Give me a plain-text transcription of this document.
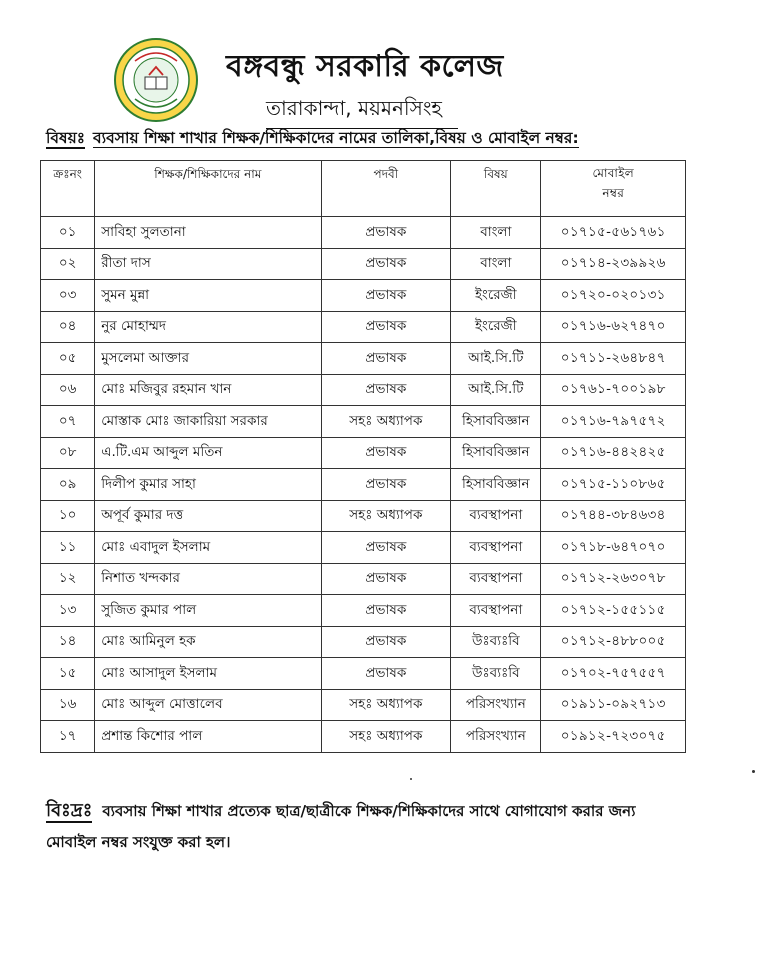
বঙ্গবন্ধু সরকারি কলেজ
তারাকান্দা, ময়মনসিংহ
বিষয়ঃ ব্যবসায় শিক্ষা শাখার শিক্ষক/শিক্ষিকাদের নামের তালিকা,বিষয় ও মোবাইল নম্বর:
ক্রঃনং	শিক্ষক/শিক্ষিকাদের নাম	পদবী	বিষয়	মোবাইল
নম্বর
০১	সাবিহা সুলতানা	প্রভাষক	বাংলা	০১৭১৫-৫৬১৭৬১
০২	রীতা দাস	প্রভাষক	বাংলা	০১৭১৪-২৩৯৯২৬
০৩	সুমন মুন্না	প্রভাষক	ইংরেজী	০১৭২০-০২০১৩১
০৪	নুর মোহাম্মদ	প্রভাষক	ইংরেজী	০১৭১৬-৬২৭৪৭০
০৫	মুসলেমা আক্তার	প্রভাষক	আই.সি.টি	০১৭১১-২৬৪৮৪৭
০৬	মোঃ মজিবুর রহমান খান	প্রভাষক	আই.সি.টি	০১৭৬১-৭০০১৯৮
০৭	মোস্তাক মোঃ জাকারিয়া সরকার	সহঃ অধ্যাপক	হিসাববিজ্ঞান	০১৭১৬-৭৯৭৫৭২
০৮	এ.টি.এম আব্দুল মতিন	প্রভাষক	হিসাববিজ্ঞান	০১৭১৬-৪৪২৪২৫
০৯	দিলীপ কুমার সাহা	প্রভাষক	হিসাববিজ্ঞান	০১৭১৫-১১০৮৬৫
১০	অপূর্ব কুমার দত্ত	সহঃ অধ্যাপক	ব্যবস্থাপনা	০১৭৪৪-৩৮৪৬৩৪
১১	মোঃ এবাদুল ইসলাম	প্রভাষক	ব্যবস্থাপনা	০১৭১৮-৬৪৭০৭০
১২	নিশাত খন্দকার	প্রভাষক	ব্যবস্থাপনা	০১৭১২-২৬৩০৭৮
১৩	সুজিত কুমার পাল	প্রভাষক	ব্যবস্থাপনা	০১৭১২-১৫৫১১৫
১৪	মোঃ আমিনুল হক	প্রভাষক	উঃব্যঃবি	০১৭১২-৪৮৮০০৫
১৫	মোঃ আসাদুল ইসলাম	প্রভাষক	উঃব্যঃবি	০১৭০২-৭৫৭৫৫৭
১৬	মোঃ আব্দুল মোত্তালেব	সহঃ অধ্যাপক	পরিসংখ্যান	০১৯১১-০৯২৭১৩
১৭	প্রশান্ত কিশোর পাল	সহঃ অধ্যাপক	পরিসংখ্যান	০১৯১২-৭২৩০৭৫
বিঃদ্রঃ ব্যবসায় শিক্ষা শাখার প্রত্যেক ছাত্র/ছাত্রীকে শিক্ষক/শিক্ষিকাদের সাথে যোগাযোগ করার জন্য মোবাইল নম্বর সংযুক্ত করা হল।
